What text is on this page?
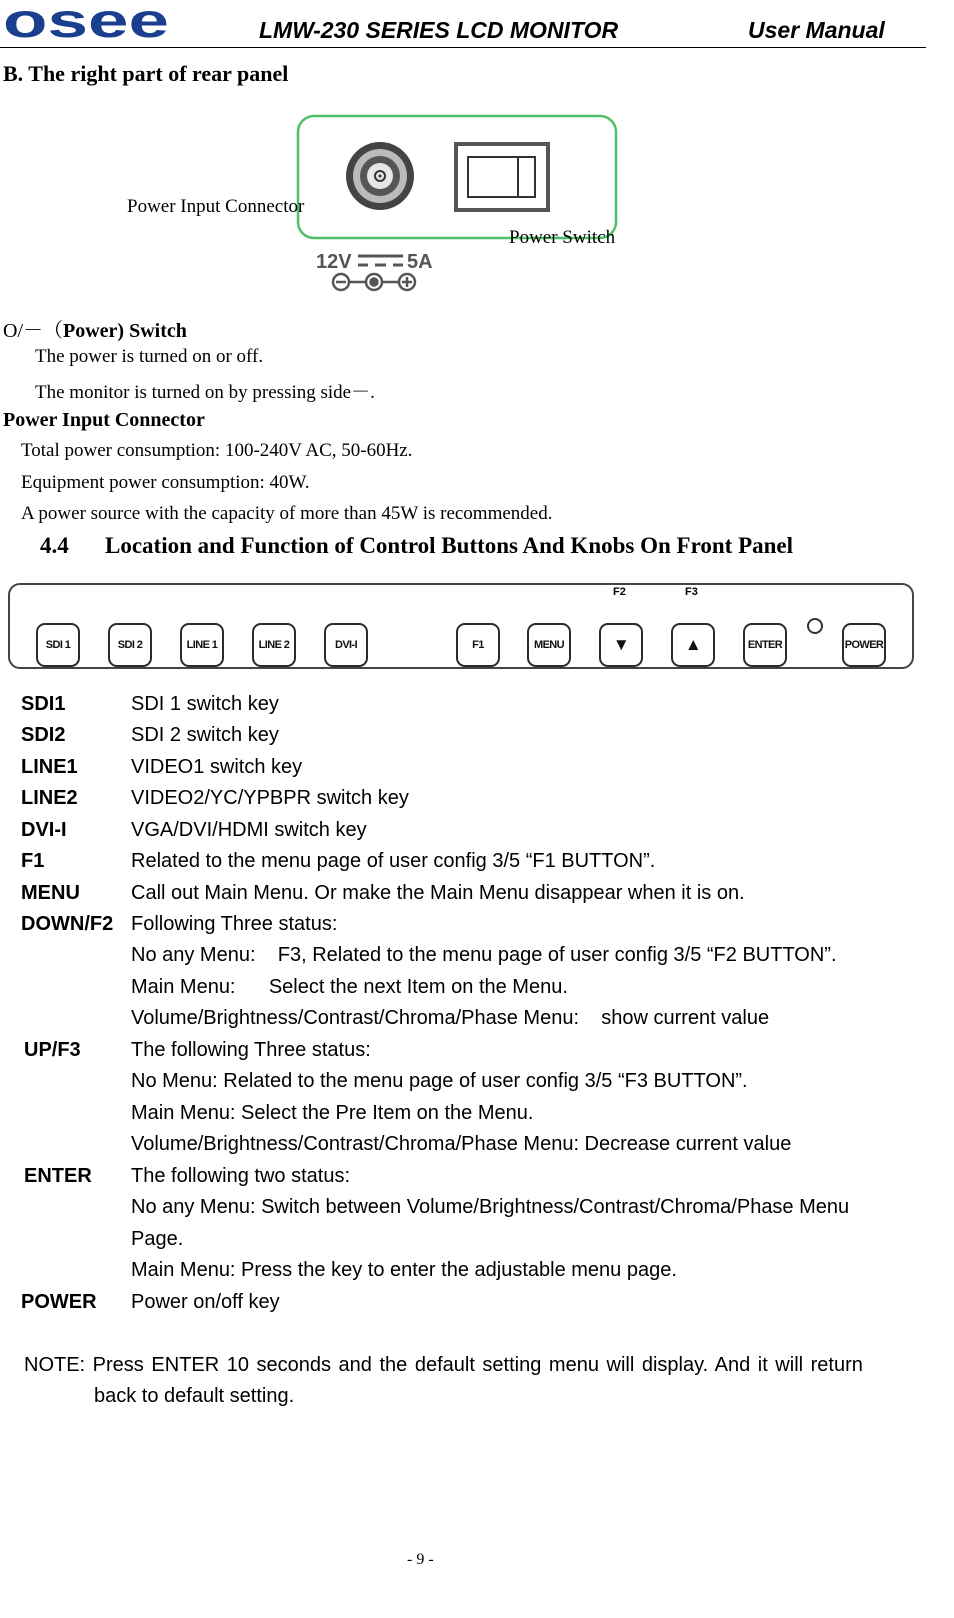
osee	LMW-230 SERIES LCD MONITOR	User Manual
B. The right part of rear panel
12V	5A
Power Input Connector
Power Switch
O/－（Power) Switch
The power is turned on or off.
The monitor is turned on by pressing side－.
Power Input Connector
Total power consumption: 100-240V AC, 50-60Hz.
Equipment power consumption: 40W.
A power source with the capacity of more than 45W is recommended.
4.4 Location and Function of Control Buttons And Knobs On Front Panel
SDI 1	SDI 2	LINE 1	LINE 2	DVI-I	F1	MENU	▼	▲	ENTER	POWER
F2	F3
SDI1	SDI 1 switch key
SDI2	SDI 2 switch key
LINE1	VIDEO1 switch key
LINE2	VIDEO2/YC/YPBPR switch key
DVI-I	VGA/DVI/HDMI switch key
F1	Related to the menu page of user config 3/5 “F1 BUTTON”.
MENU	Call out Main Menu. Or make the Main Menu disappear when it is on.
DOWN/F2 Following Three status:
No any Menu:    F3, Related to the menu page of user config 3/5 “F2 BUTTON”.
Main Menu:      Select the next Item on the Menu.
Volume/Brightness/Contrast/Chroma/Phase Menu:    show current value
UP/F3	The following Three status:
No Menu: Related to the menu page of user config 3/5 “F3 BUTTON”.
Main Menu: Select the Pre Item on the Menu.
Volume/Brightness/Contrast/Chroma/Phase Menu: Decrease current value
ENTER The following two status:
No any Menu: Switch between Volume/Brightness/Contrast/Chroma/Phase Menu
Page.
Main Menu: Press the key to enter the adjustable menu page.
POWER Power on/off key
NOTE: Press ENTER 10 seconds and the default setting menu will display. And it will return
back to default setting.
- 9 -
